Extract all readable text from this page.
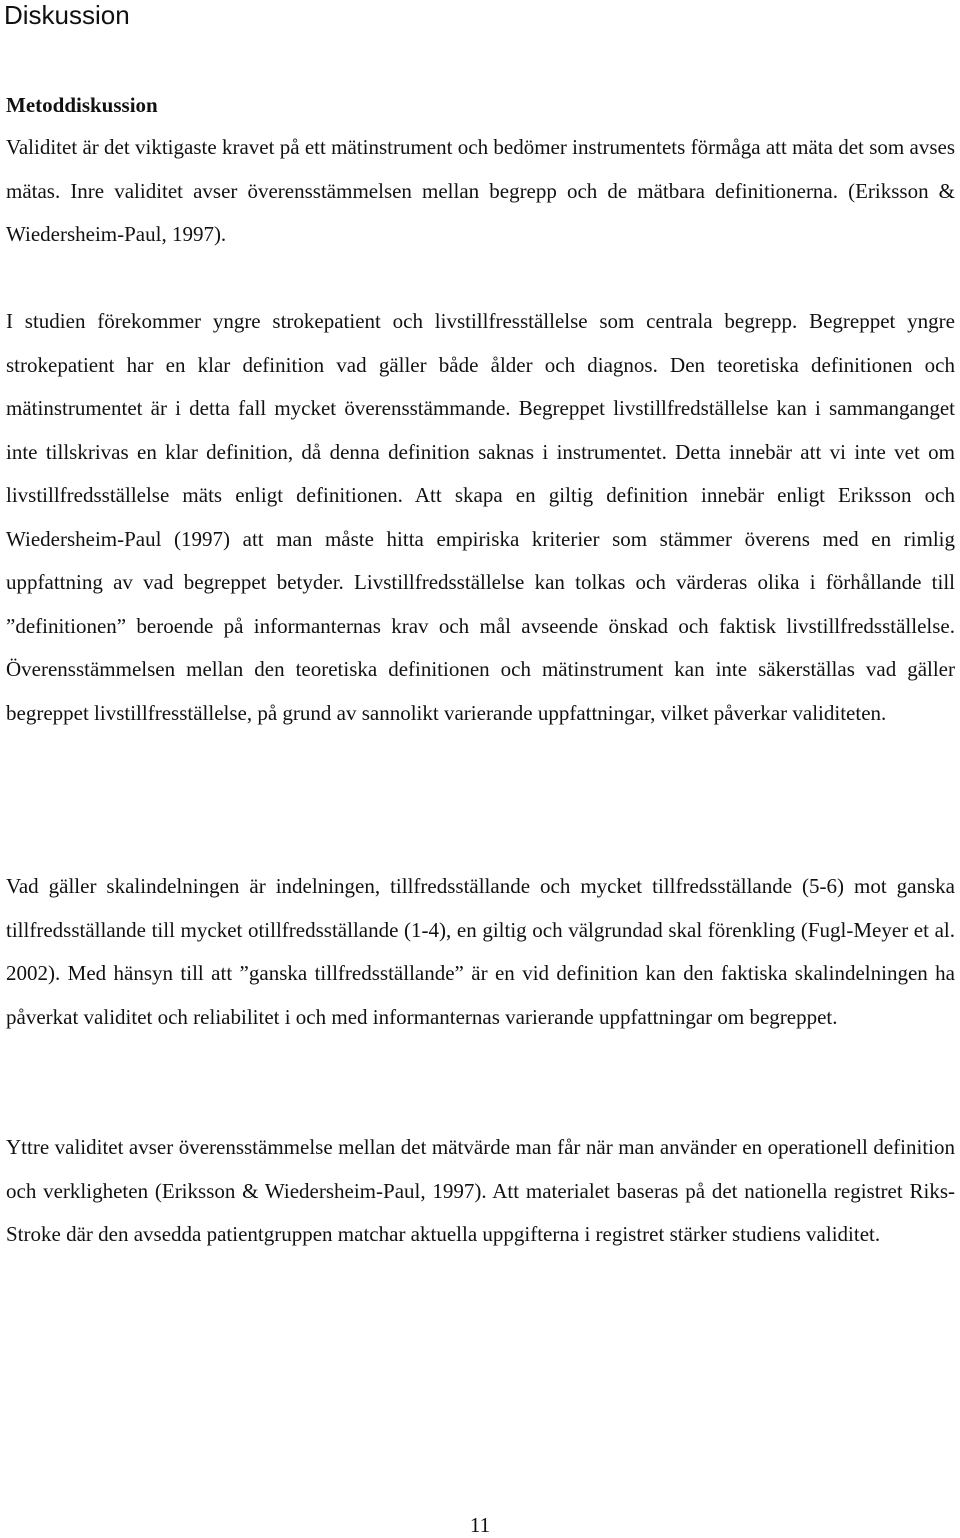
Diskussion
Metoddiskussion

Validitet är det viktigaste kravet på ett mätinstrument och bedömer instrumentets förmåga att mäta det som avses mätas. Inre validitet avser överensstämmelsen mellan begrepp och de mätbara definitionerna. (Eriksson & Wiedersheim-Paul, 1997).

I studien förekommer yngre strokepatient och livstillfresställelse som centrala begrepp. Begreppet yngre strokepatient har en klar definition vad gäller både ålder och diagnos. Den teoretiska definitionen och mätinstrumentet är i detta fall mycket överensstämmande. Begreppet livstillfredställelse kan i sammanganget inte tillskrivas en klar definition, då denna definition saknas i instrumentet. Detta innebär att vi inte vet om livstillfredsställelse mäts enligt definitionen. Att skapa en giltig definition innebär enligt Eriksson och Wiedersheim-Paul (1997) att man måste hitta empiriska kriterier som stämmer överens med en rimlig uppfattning av vad begreppet betyder. Livstillfredsställelse kan tolkas och värderas olika i förhållande till ”definitionen” beroende på informanternas krav och mål avseende önskad och faktisk livstillfredsställelse. Överensstämmelsen mellan den teoretiska definitionen och mätinstrument kan inte säkerställas vad gäller begreppet livstillfresställelse, på grund av sannolikt varierande uppfattningar, vilket påverkar validiteten.

Vad gäller skalindelningen är indelningen, tillfredsställande och mycket tillfredsställande (5-6) mot ganska tillfredsställande till mycket otillfredsställande (1-4), en giltig och välgrundad skal förenkling (Fugl-Meyer et al. 2002). Med hänsyn till att ”ganska tillfredsställande” är en vid definition kan den faktiska skalindelningen ha påverkat validitet och reliabilitet i och med informanternas varierande uppfattningar om begreppet.

Yttre validitet avser överensstämmelse mellan det mätvärde man får när man använder en operationell definition och verkligheten (Eriksson & Wiedersheim-Paul, 1997). Att materialet baseras på det nationella registret Riks-Stroke där den avsedda patientgruppen matchar aktuella uppgifterna i registret stärker studiens validitet.

11
